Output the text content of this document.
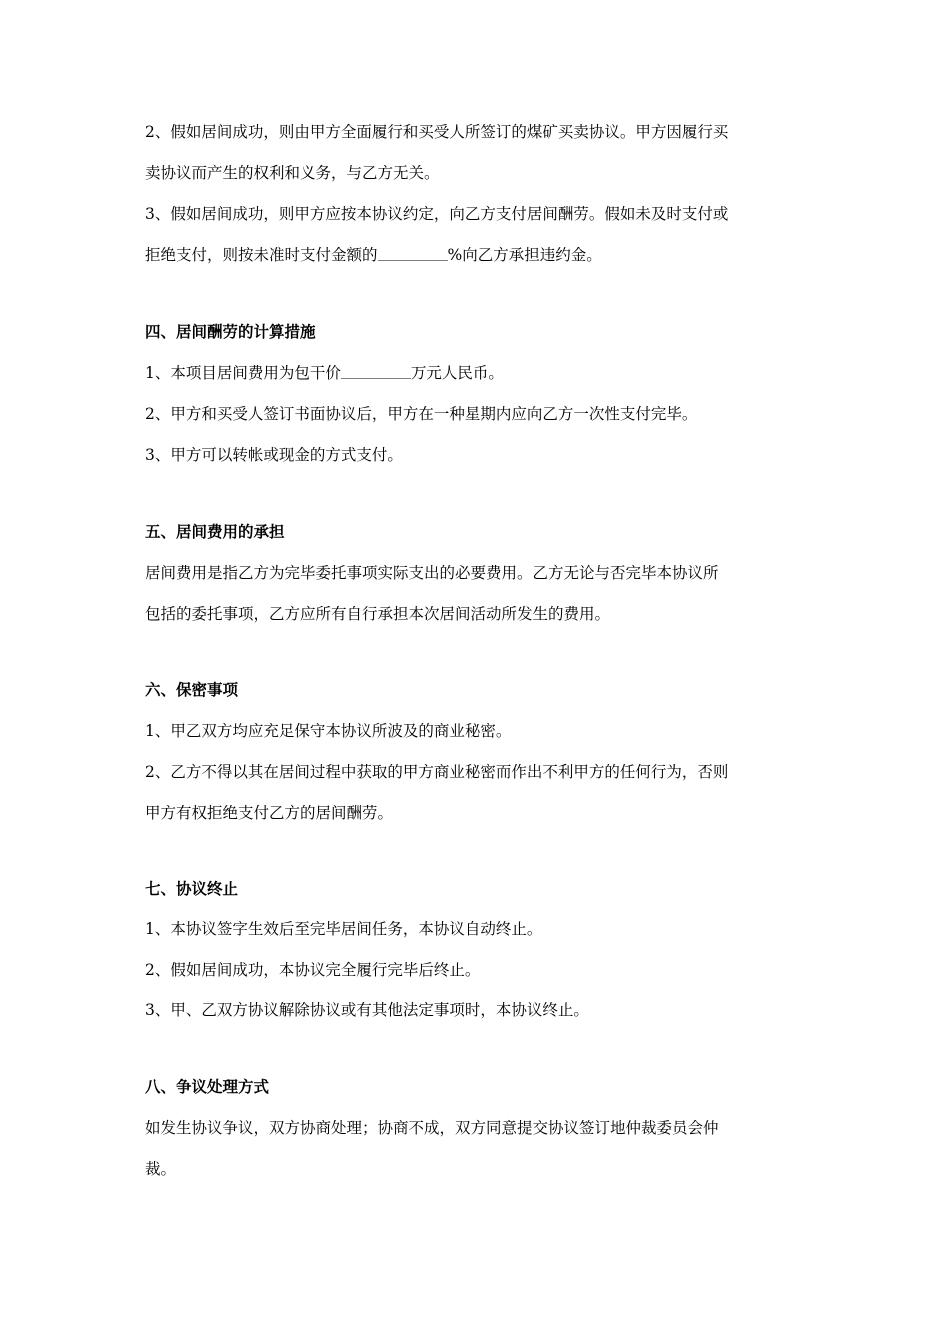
2、假如居间成功，则由甲方全面履行和买受人所签订的煤矿买卖协议。甲方因履行买
卖协议而产生的权利和义务，与乙方无关。
3、假如居间成功，则甲方应按本协议约定，向乙方支付居间酬劳。假如未及时支付或
拒绝支付，则按未准时支付金额的	%向乙方承担违约金。
四、居间酬劳的计算措施
1、本项目居间费用为包干价	万元人民币。
2、甲方和买受人签订书面协议后，甲方在一种星期内应向乙方一次性支付完毕。
3、甲方可以转帐或现金的方式支付。
五、居间费用的承担
居间费用是指乙方为完毕委托事项实际支出的必要费用。乙方无论与否完毕本协议所
包括的委托事项，乙方应所有自行承担本次居间活动所发生的费用。
六、保密事项
1、甲乙双方均应充足保守本协议所波及的商业秘密。
2、乙方不得以其在居间过程中获取的甲方商业秘密而作出不利甲方的任何行为，否则
甲方有权拒绝支付乙方的居间酬劳。
七、协议终止
1、本协议签字生效后至完毕居间任务，本协议自动终止。
2、假如居间成功，本协议完全履行完毕后终止。
3、甲、乙双方协议解除协议或有其他法定事项时，本协议终止。
八、争议处理方式
如发生协议争议，双方协商处理；协商不成，双方同意提交协议签订地仲裁委员会仲
裁。
